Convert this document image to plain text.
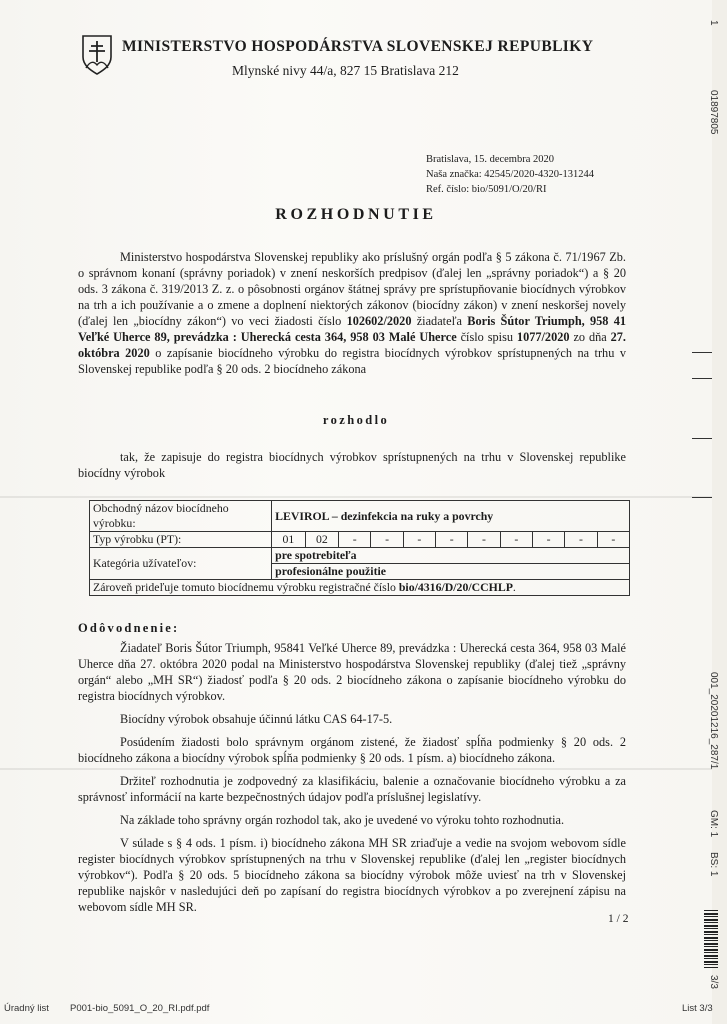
MINISTERSTVO HOSPODÁRSTVA SLOVENSKEJ REPUBLIKY
Mlynské nivy 44/a, 827 15 Bratislava 212
Bratislava, 15. decembra 2020
Naša značka: 42545/2020-4320-131244
Ref. číslo: bio/5091/O/20/RI
ROZHODNUTIE

Ministerstvo hospodárstva Slovenskej republiky ako príslušný orgán podľa § 5 zákona č. 71/1967 Zb. o správnom konaní (správny poriadok) v znení neskorších predpisov (ďalej len „správny poriadok“) a § 20 ods. 3 zákona č. 319/2013 Z. z. o pôsobnosti orgánov štátnej správy pre sprístupňovanie biocídnych výrobkov na trh a ich používanie a o zmene a doplnení niektorých zákonov (biocídny zákon) v znení neskoršej novely (ďalej len „biocídny zákon“) vo veci žiadosti číslo 102602/2020 žiadateľa Boris Šútor Triumph, 958 41 Veľké Uherce 89, prevádzka : Uherecká cesta 364, 958 03 Malé Uherce číslo spisu 1077/2020 zo dňa 27. októbra 2020 o zapísanie biocídneho výrobku do registra biocídnych výrobkov sprístupnených na trhu v Slovenskej republike podľa § 20 ods. 2 biocídneho zákona

rozhodlo

tak, že zapisuje do registra biocídnych výrobkov sprístupnených na trhu v Slovenskej republike biocídny výrobok

Obchodný názov biocídneho výrobku:	LEVIROL – dezinfekcia na ruky a povrchy										
Typ výrobku (PT):	01	02	-	-	-	-	-	-	-	-	-
Kategória užívateľov:	pre spotrebiteľa										
	profesionálne použitie										
Zároveň prideľuje tomuto biocídnemu výrobku registračné číslo bio/4316/D/20/CCHLP.											
Odôvodnenie:

Žiadateľ Boris Šútor Triumph, 95841 Veľké Uherce 89, prevádzka : Uherecká cesta 364, 958 03 Malé Uherce dňa 27. októbra 2020 podal na Ministerstvo hospodárstva Slovenskej republiky (ďalej tiež „správny orgán“ alebo „MH SR“) žiadosť podľa § 20 ods. 2 biocídneho zákona o zapísanie biocídneho výrobku do registra biocídnych výrobkov.

Biocídny výrobok obsahuje účinnú látku CAS 64-17-5.

Posúdením žiadosti bolo správnym orgánom zistené, že žiadosť spĺňa podmienky § 20 ods. 2 biocídneho zákona a biocídny výrobok spĺňa podmienky § 20 ods. 1 písm. a) biocídneho zákona.

Držiteľ rozhodnutia je zodpovedný za klasifikáciu, balenie a označovanie biocídneho výrobku a za správnosť informácií na karte bezpečnostných údajov podľa príslušnej legislatívy.

Na základe toho správny orgán rozhodol tak, ako je uvedené vo výroku tohto rozhodnutia.

V súlade s § 4 ods. 1 písm. i) biocídneho zákona MH SR zriaďuje a vedie na svojom webovom sídle register biocídnych výrobkov sprístupnených na trhu v Slovenskej republike (ďalej len „register biocídnych výrobkov“). Podľa § 20 ods. 5 biocídneho zákona sa biocídny výrobok môže uviesť na trh v Slovenskej republike najskôr v nasledujúci deň po zapísaní do registra biocídnych výrobkov a po zverejnení zápisu na webovom sídle MH SR.

1 / 2
1
01897805
001_20201216_287/1
GM: 1
BS: 1
3/3
Úradný list P001-bio_5091_O_20_RI.pdf.pdf	List 3/3
